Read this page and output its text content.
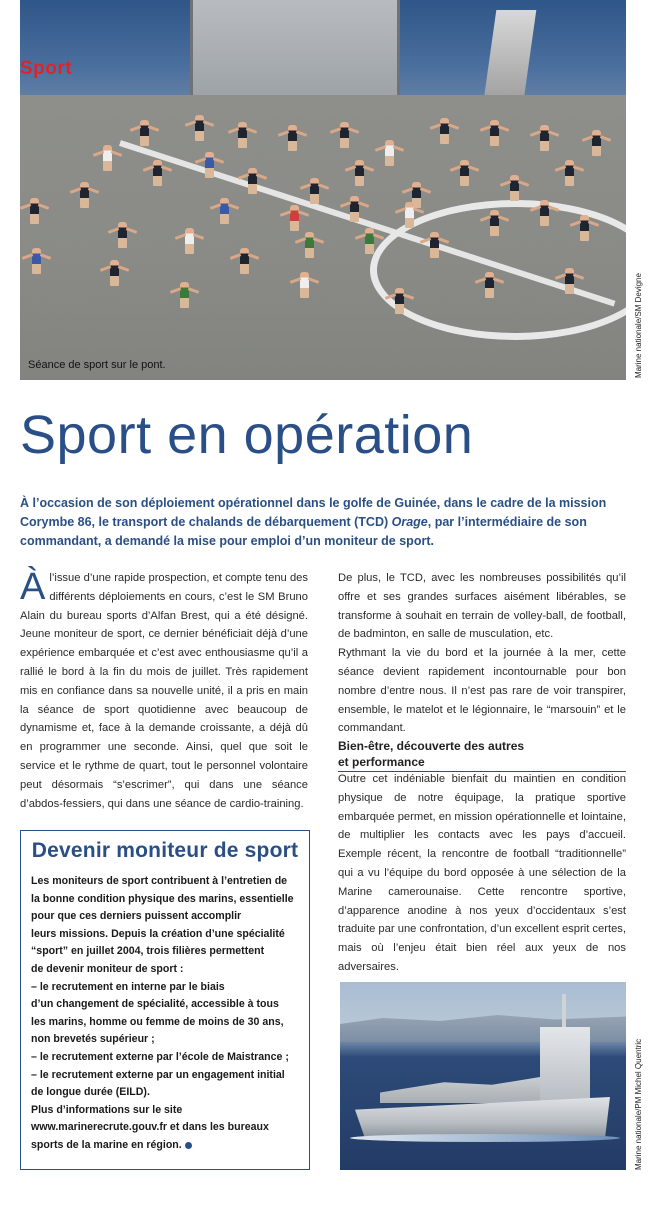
Sport
Séance de sport sur le pont.	Marine nationale/SM Devigne
Sport en opération
À l’occasion de son déploiement opérationnel dans le golfe de Guinée, dans le cadre de la mission Corymbe 86, le transport de chalands de débarquement (TCD) Orage, par l’intermédiaire de son commandant, a demandé la mise pour emploi d’un moniteur de sport.
À l’issue d’une rapide prospection, et compte tenu des différents déploiements en cours, c’est le SM Bruno Alain du bureau sports d’Alfan Brest, qui a été désigné. Jeune moniteur de sport, ce dernier bénéficiait déjà d’une expérience embarquée et c’est avec enthousiasme qu’il a rallié le bord à la fin du mois de juillet. Très rapidement mis en confiance dans sa nouvelle unité, il a pris en main la séance de sport quotidienne avec beaucoup de dynamisme et, face à la demande croissante, a déjà dû en programmer une seconde. Ainsi, quel que soit le service et le rythme de quart, tout le personnel volontaire peut désormais “s’escrimer”, qui dans une séance d’abdos-fessiers, qui dans une séance de cardio-training.

De plus, le TCD, avec les nombreuses possibilités qu’il offre et ses grandes surfaces aisément libérables, se transforme à souhait en terrain de volley-ball, de football, de badminton, en salle de musculation, etc.

Rythmant la vie du bord et la journée à la mer, cette séance devient rapidement incontournable pour bon nombre d’entre nous. Il n’est pas rare de voir transpirer, ensemble, le matelot et le légionnaire, le “marsouin” et le commandant.

Bien-être, découverte des autres
et performance

Outre cet indéniable bienfait du maintien en condition physique de notre équipage, la pratique sportive embarquée permet, en mission opérationnelle et lointaine, de multiplier les contacts avec les pays d’accueil. Exemple récent, la rencontre de football “traditionnelle” qui a vu l’équipe du bord opposée à une sélection de la Marine camerounaise. Cette rencontre sportive, d’apparence anodine à nos yeux d’occidentaux s’est traduite par une confrontation, d’un excellent esprit certes, mais où l’enjeu était bien réel aux yeux de nos adversaires.

Devenir moniteur de sport
Les moniteurs de sport contribuent à l’entretien de
la bonne condition physique des marins, essentielle
pour que ces derniers puissent accomplir
leurs missions. Depuis la création d’une spécialité
“sport” en juillet 2004, trois filières permettent
de devenir moniteur de sport :
– le recrutement en interne par le biais
d’un changement de spécialité, accessible à tous
les marins, homme ou femme de moins de 30 ans,
non brevetés supérieur ;
– le recrutement externe par l’école de Maistrance ;
– le recrutement externe par un engagement initial
de longue durée (EILD).
Plus d’informations sur le site
www.marinerecrute.gouv.fr et dans les bureaux
sports de la marine en région.	Marine nationale/PM Michel Quentric
